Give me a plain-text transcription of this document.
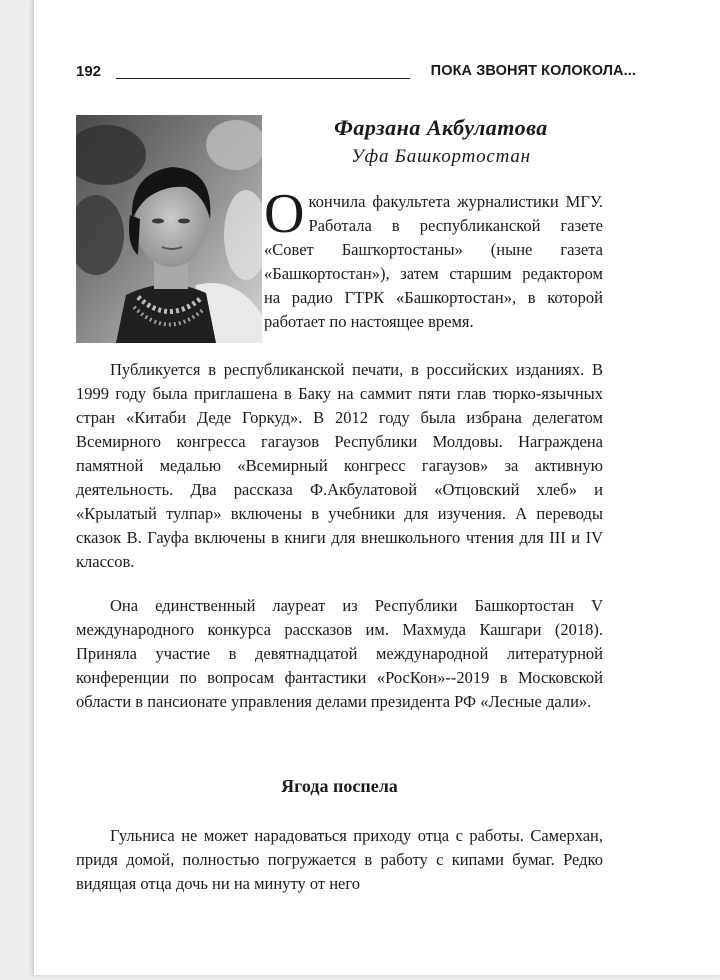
192	ПОКА ЗВОНЯТ КОЛОКОЛА...
Фарзана Акбулатова
Уфа Башкортостан

Окончила факультета журналистики МГУ. Работала в республиканской газете «Совет Башҡортостаны» (ныне газета «Башкортостан»), затем старшим редактором на радио ГТРК «Башкортостан», в которой работает по настоящее время.

Публикуется в республиканской печати, в российских изданиях. В 1999 году была приглашена в Баку на саммит пяти глав тюрко-язычных стран «Китаби Деде Горкуд». В 2012 году была избрана делегатом Всемирного конгресса гагаузов Республики Молдовы. Награждена памятной медалью «Всемирный конгресс гагаузов» за активную деятельность. Два рассказа Ф.Акбулатовой «Отцовский хлеб» и «Крылатый тулпар» включены в учебники для изучения. А переводы сказок В. Гауфа включены в книги для внешкольного чтения для III и IV классов.

Она единственный лауреат из Республики Башкортостан V международного конкурса рассказов им. Махмуда Кашгари (2018). Приняла участие в девятнадцатой международной литературной конференции по вопросам фантастики «РосКон»--2019 в Московской области в пансионате управления делами президента РФ «Лесные дали».

Ягода поспела

Гульниса не может нарадоваться приходу отца с работы. Самерхан, придя домой, полностью погружается в работу с кипами бумаг. Редко видящая отца дочь ни на минуту от него
